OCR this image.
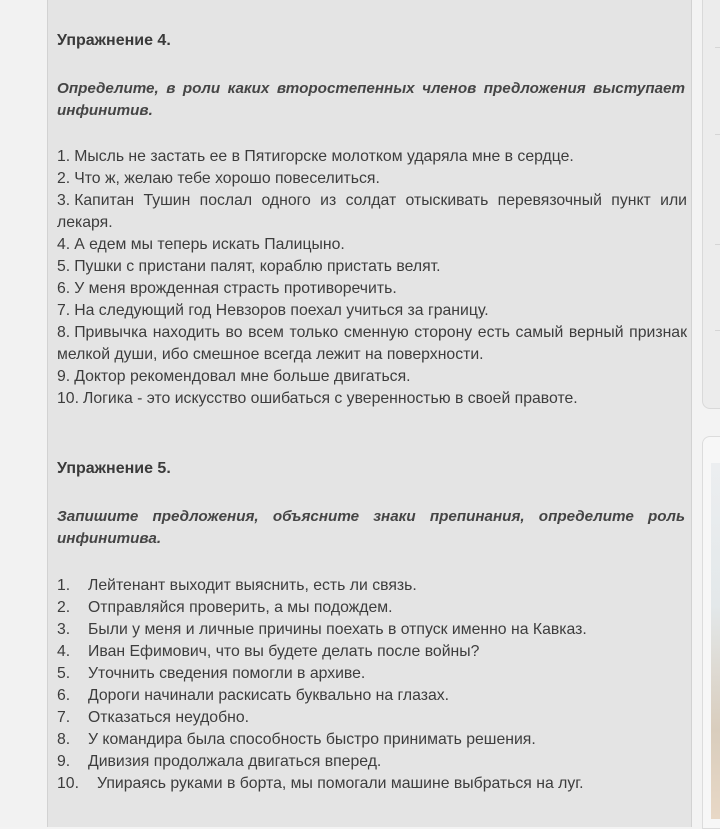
Упражнение 4.
Определите, в роли каких второстепенных членов предложения выступает инфинитив.
1. Мысль не застать ее в Пятигорске молотком ударяла мне в сердце.
2. Что ж, желаю тебе хорошо повеселиться.
3. Капитан Тушин послал одного из солдат отыскивать перевязочный пункт или лекаря.
4. А едем мы теперь искать Палицыно.
5. Пушки с пристани палят, кораблю пристать велят.
6. У меня врожденная страсть противоречить.
7. На следующий год Невзоров поехал учиться за границу.
8. Привычка находить во всем только сменную сторону есть самый верный признак мелкой души, ибо смешное всегда лежит на поверхности.
9. Доктор рекомендовал мне больше двигаться.
10. Логика - это искусство ошибаться с уверенностью в своей правоте.
Упражнение 5.
Запишите предложения, объясните знаки препинания, определите роль инфинитива.
1. Лейтенант выходит выяснить, есть ли связь.
2. Отправляйся проверить, а мы подождем.
3. Были у меня и личные причины поехать в отпуск именно на Кавказ.
4. Иван Ефимович, что вы будете делать после войны?
5. Уточнить сведения помогли в архиве.
6. Дороги начинали раскисать буквально на глазах.
7. Отказаться неудобно.
8. У командира была способность быстро принимать решения.
9. Дивизия продолжала двигаться вперед.
10. Упираясь руками в борта, мы помогали машине выбраться на луг.
